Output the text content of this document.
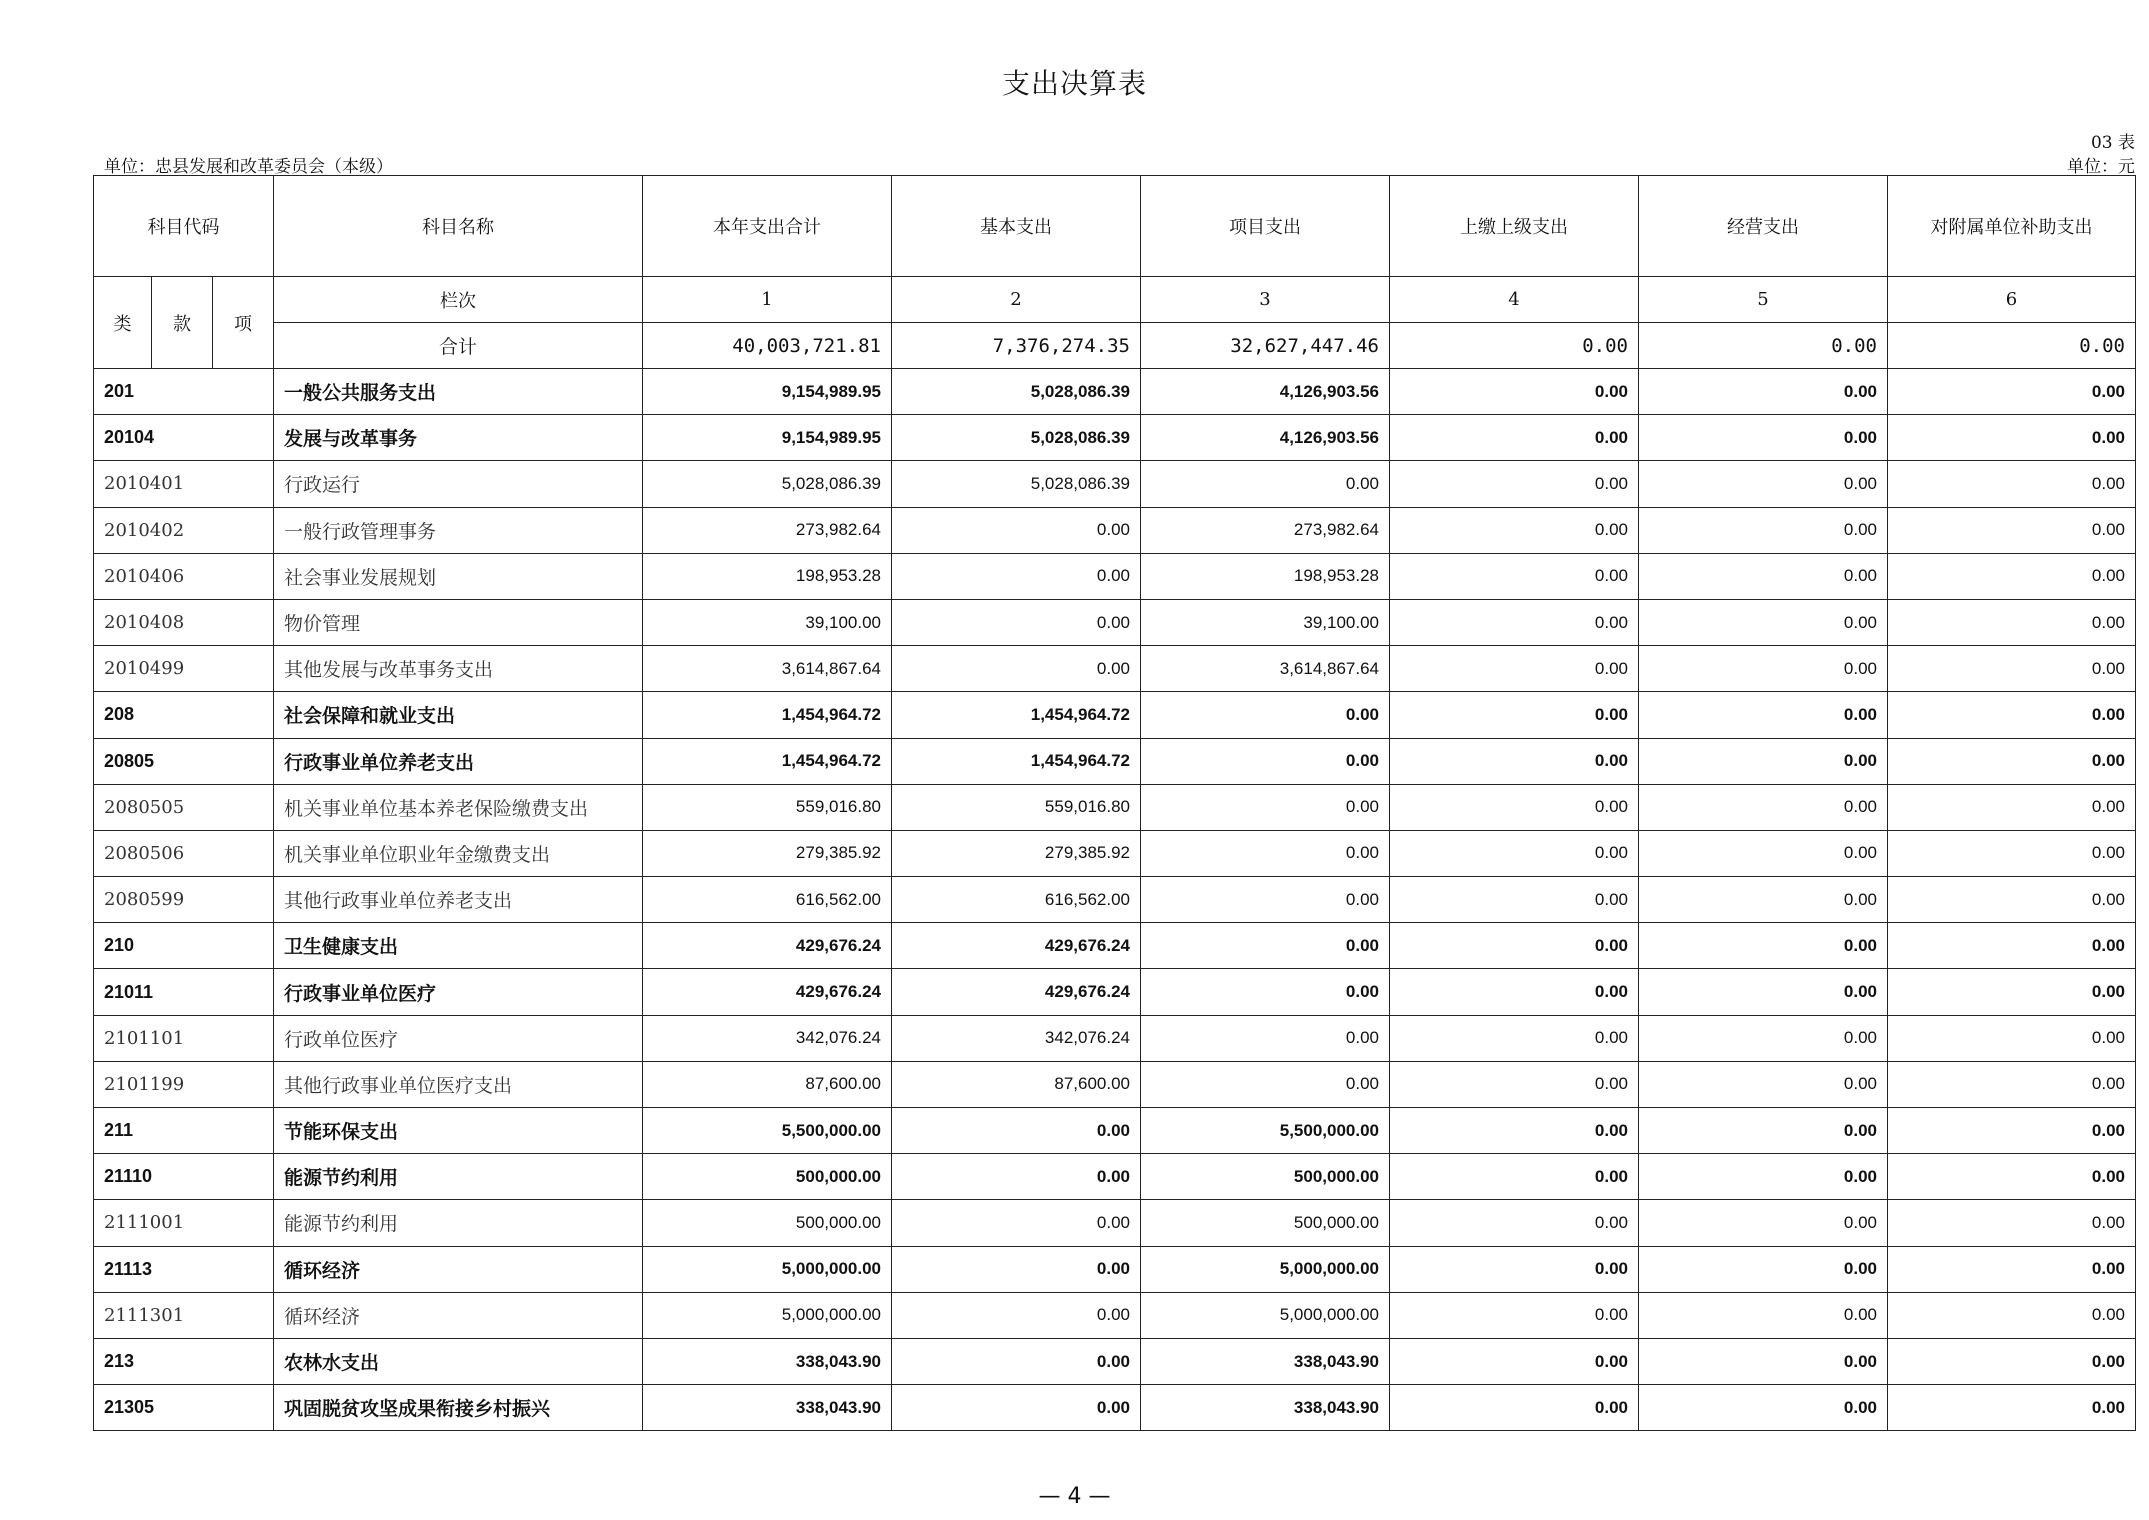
支出决算表
03 表
单位：忠县发展和改革委员会（本级）	单位：元
科目代码			科目名称	本年支出合计	基本支出	项目支出	上缴上级支出	经营支出	对附属单位补助支出
类	款	项	栏次	1	2	3	4	5	6
			合计	40,003,721.81	7,376,274.35	32,627,447.46	0.00	0.00	0.00
201			一般公共服务支出	9,154,989.95	5,028,086.39	4,126,903.56	0.00	0.00	0.00
20104			发展与改革事务	9,154,989.95	5,028,086.39	4,126,903.56	0.00	0.00	0.00
2010401			行政运行	5,028,086.39	5,028,086.39	0.00	0.00	0.00	0.00
2010402			一般行政管理事务	273,982.64	0.00	273,982.64	0.00	0.00	0.00
2010406			社会事业发展规划	198,953.28	0.00	198,953.28	0.00	0.00	0.00
2010408			物价管理	39,100.00	0.00	39,100.00	0.00	0.00	0.00
2010499			其他发展与改革事务支出	3,614,867.64	0.00	3,614,867.64	0.00	0.00	0.00
208			社会保障和就业支出	1,454,964.72	1,454,964.72	0.00	0.00	0.00	0.00
20805			行政事业单位养老支出	1,454,964.72	1,454,964.72	0.00	0.00	0.00	0.00
2080505			机关事业单位基本养老保险缴费支出	559,016.80	559,016.80	0.00	0.00	0.00	0.00
2080506			机关事业单位职业年金缴费支出	279,385.92	279,385.92	0.00	0.00	0.00	0.00
2080599			其他行政事业单位养老支出	616,562.00	616,562.00	0.00	0.00	0.00	0.00
210			卫生健康支出	429,676.24	429,676.24	0.00	0.00	0.00	0.00
21011			行政事业单位医疗	429,676.24	429,676.24	0.00	0.00	0.00	0.00
2101101			行政单位医疗	342,076.24	342,076.24	0.00	0.00	0.00	0.00
2101199			其他行政事业单位医疗支出	87,600.00	87,600.00	0.00	0.00	0.00	0.00
211			节能环保支出	5,500,000.00	0.00	5,500,000.00	0.00	0.00	0.00
21110			能源节约利用	500,000.00	0.00	500,000.00	0.00	0.00	0.00
2111001			能源节约利用	500,000.00	0.00	500,000.00	0.00	0.00	0.00
21113			循环经济	5,000,000.00	0.00	5,000,000.00	0.00	0.00	0.00
2111301			循环经济	5,000,000.00	0.00	5,000,000.00	0.00	0.00	0.00
213			农林水支出	338,043.90	0.00	338,043.90	0.00	0.00	0.00
21305			巩固脱贫攻坚成果衔接乡村振兴	338,043.90	0.00	338,043.90	0.00	0.00	0.00
— 4 —
